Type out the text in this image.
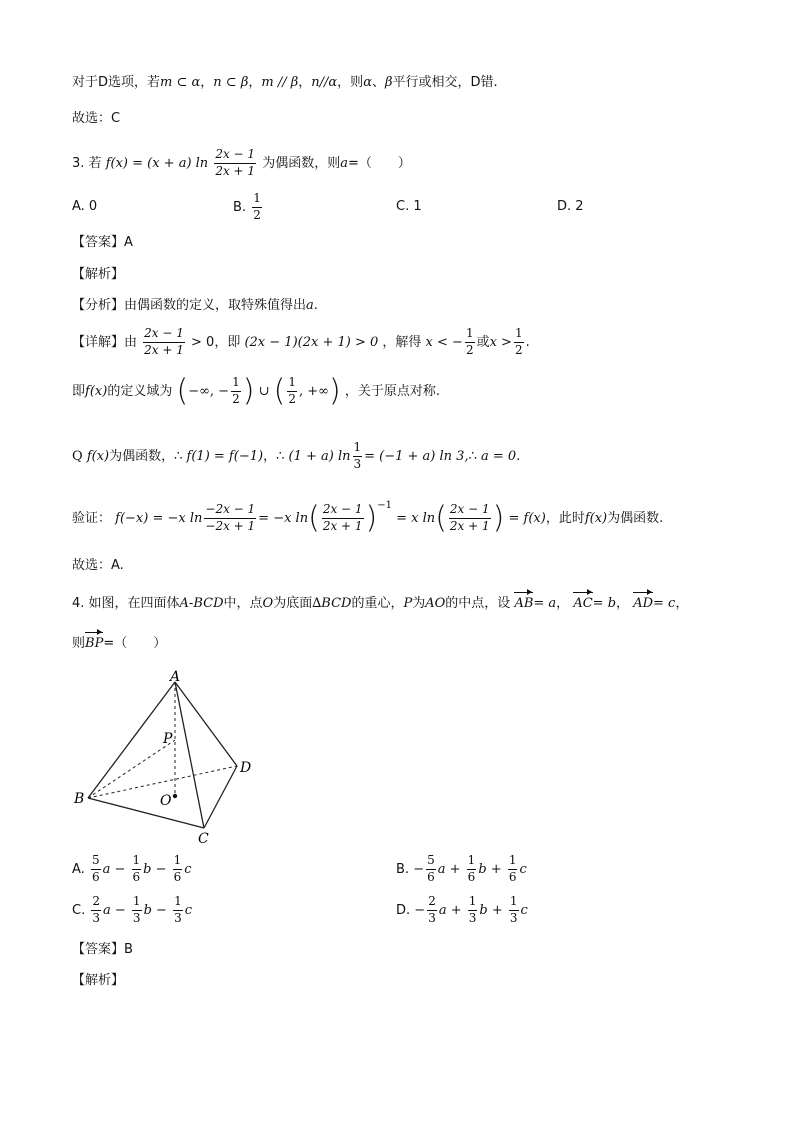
对于D选项，若m ⊂ α，n ⊂ β，m // β，n//α，则α、β平行或相交，D错.
故选：C
3. 若 f(x) = (x + a) $\ln \frac{2x - 1}{2x + 1}$ 为偶函数，则a=（　　）
A. 0	B. $\frac{1}{2}$	C. 1	D. 2
【答案】A
【解析】
【分析】由偶函数的定义，取特殊值得出a.
【详解】由 $\frac{2x - 1}{2x + 1} > 0$，即 (2x − 1)(2x + 1) > 0 ，解得 x < − $\frac{1}{2}$ 或$x > \frac{1}{2}$ .
即f(x)的定义域为 (−∞, − $\frac{1}{2}$ ) ∪ ( $\frac{1}{2}$ , +∞) ，关于原点对称.
Q f(x)为偶函数，∴ f(1) = f(−1)，∴ (1 + a) $\ln \frac{1}{3} = (-1 + a)$ ln 3,∴ a = 0.
验证： f(−x) = −x $\ln \frac{-2x - 1}{-2x + 1} = -x$ $\ln( \frac{2x - 1}{2x + 1} )^{-1} = x$ $\ln( \frac{2x - 1}{2x + 1}$ ) = f(x)，此时f(x)为偶函数.
故选：A.
4. 如图，在四面体A-BCD中，点O为底面∆BCD的重心，P为AO的中点，设 AB= a， AC= b， AD= c，
则BP=（　　）
A
B
C
D
O
P
A. $\frac{5}{6}$ $a - \frac{1}{6}$ $b - \frac{1}{6}$ c	B. − $\frac{5}{6}$ $a + \frac{1}{6}$ $b + \frac{1}{6}$ c
C. $\frac{2}{3}$ $a - \frac{1}{3}$ $b - \frac{1}{3}$ c	D. − $\frac{2}{3}$ $a + \frac{1}{3}$ $b + \frac{1}{3}$ c
【答案】B
【解析】
